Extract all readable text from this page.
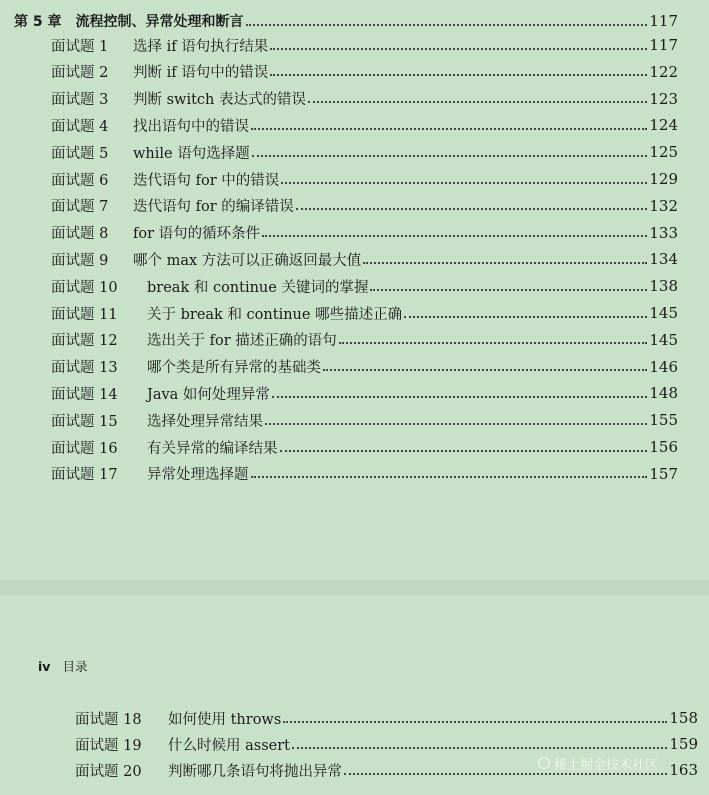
第 5 章 流程控制、异常处理和断言	117
面试题 1	选择 if 语句执行结果	117
面试题 2	判断 if 语句中的错误	122
面试题 3	判断 switch 表达式的错误	123
面试题 4	找出语句中的错误	124
面试题 5	while 语句选择题	125
面试题 6	迭代语句 for 中的错误	129
面试题 7	迭代语句 for 的编译错误	132
面试题 8	for 语句的循环条件	133
面试题 9	哪个 max 方法可以正确返回最大值	134
面试题 10	break 和 continue 关键词的掌握	138
面试题 11	关于 break 和 continue 哪些描述正确	145
面试题 12	选出关于 for 描述正确的语句	145
面试题 13	哪个类是所有异常的基础类	146
面试题 14	Java 如何处理异常	148
面试题 15	选择处理异常结果	155
面试题 16	有关异常的编译结果	156
面试题 17	异常处理选择题	157
iv 目录
面试题 18	如何使用 throws	158
面试题 19	什么时候用 assert	159
面试题 20	判断哪几条语句将抛出异常	163
稀土掘金技术社区
